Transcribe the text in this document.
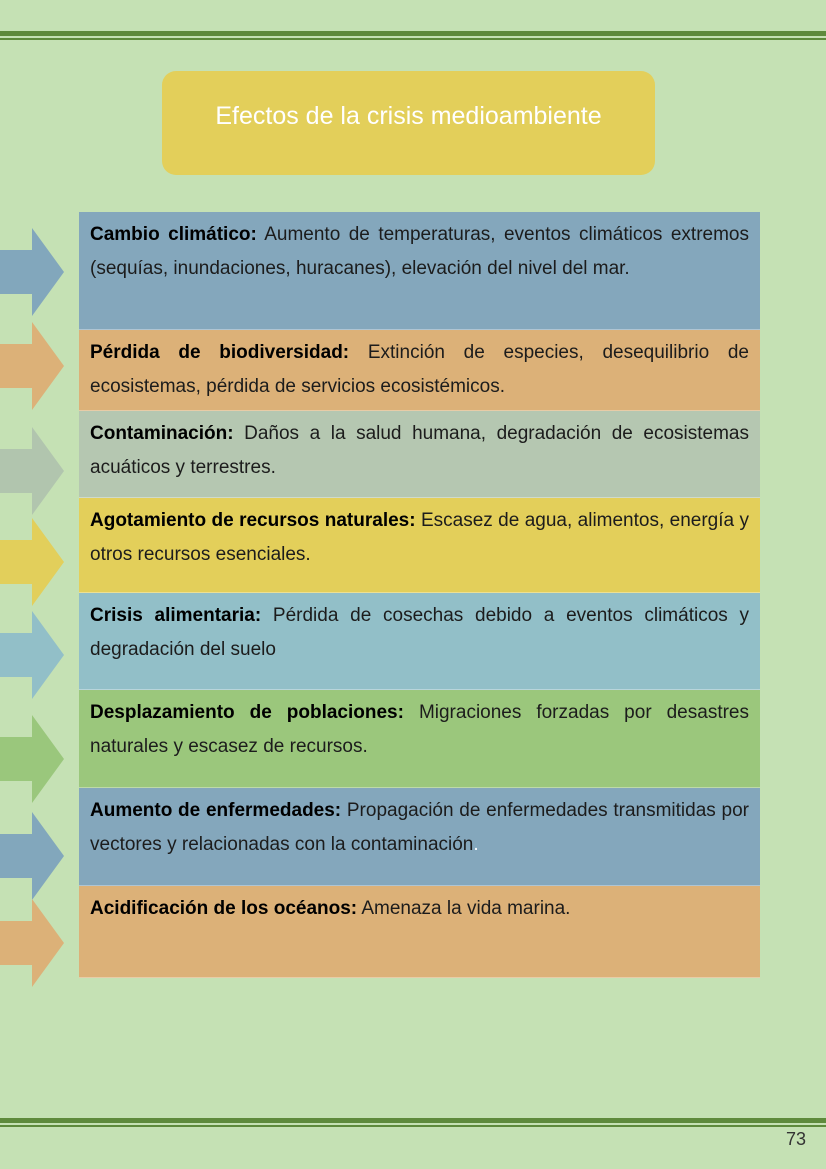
Efectos de la crisis medioambiente
Cambio climático: Aumento de temperaturas, eventos climáticos extremos (sequías, inundaciones, huracanes), elevación del nivel del mar.
Pérdida de biodiversidad: Extinción de especies, desequilibrio de ecosistemas, pérdida de servicios ecosistémicos.
Contaminación: Daños a la salud humana, degradación de ecosistemas acuáticos y terrestres.
Agotamiento de recursos naturales: Escasez de agua, alimentos, energía y otros recursos esenciales.
Crisis alimentaria: Pérdida de cosechas debido a eventos climáticos y degradación del suelo
Desplazamiento de poblaciones: Migraciones forzadas por desastres naturales y escasez de recursos.
Aumento de enfermedades: Propagación de enfermedades transmitidas por vectores y relacionadas con la contaminación.
Acidificación de los océanos: Amenaza la vida marina.
73
